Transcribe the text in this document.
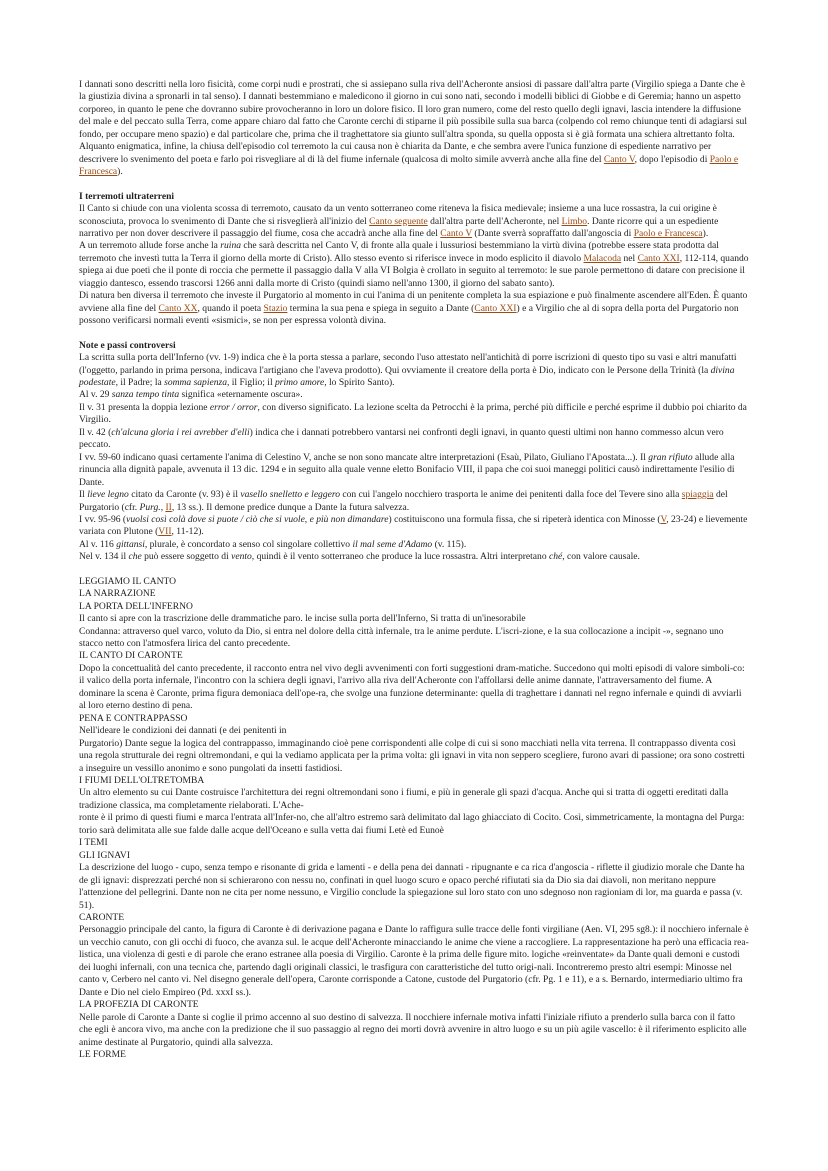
I dannati sono descritti nella loro fisicità, come corpi nudi e prostrati, che si assiepano sulla riva dell'Acheronte ansiosi di passare dall'altra parte (Virgilio spiega a Dante che è la giustizia divina a spronarli in tal senso). I dannati bestemmiano e maledicono il giorno in cui sono nati, secondo i modelli biblici di Giobbe e di Geremia; hanno un aspetto corporeo, in quanto le pene che dovranno subire provocheranno in loro un dolore fisico. Il loro gran numero, come del resto quello degli ignavi, lascia intendere la diffusione del male e del peccato sulla Terra, come appare chiaro dal fatto che Caronte cerchi di stiparne il più possibile sulla sua barca (colpendo col remo chiunque tenti di adagiarsi sul fondo, per occupare meno spazio) e dal particolare che, prima che il traghettatore sia giunto sull'altra sponda, su quella opposta si è già formata una schiera altrettanto folta. Alquanto enigmatica, infine, la chiusa dell'episodio col terremoto la cui causa non è chiarita da Dante, e che sembra avere l'unica funzione di espediente narrativo per descrivere lo svenimento del poeta e farlo poi risvegliare al di là del fiume infernale (qualcosa di molto simile avverrà anche alla fine del Canto V, dopo l'episodio di Paolo e Francesca).

I terremoti ultraterreni

Il Canto si chiude con una violenta scossa di terremoto, causato da un vento sotterraneo come riteneva la fisica medievale; insieme a una luce rossastra, la cui origine è sconosciuta, provoca lo svenimento di Dante che si risveglierà all'inizio del Canto seguente dall'altra parte dell'Acheronte, nel Limbo. Dante ricorre qui a un espediente narrativo per non dover descrivere il passaggio del fiume, cosa che accadrà anche alla fine del Canto V (Dante sverrà sopraffatto dall'angoscia di Paolo e Francesca).

A un terremoto allude forse anche la ruina che sarà descritta nel Canto V, di fronte alla quale i lussuriosi bestemmiano la virtù divina (potrebbe essere stata prodotta dal terremoto che investì tutta la Terra il giorno della morte di Cristo). Allo stesso evento si riferisce invece in modo esplicito il diavolo Malacoda nel Canto XXI, 112-114, quando spiega ai due poeti che il ponte di roccia che permette il passaggio dalla V alla VI Bolgia è crollato in seguito al terremoto: le sue parole permettono di datare con precisione il viaggio dantesco, essendo trascorsi 1266 anni dalla morte di Cristo (quindi siamo nell'anno 1300, il giorno del sabato santo).

Di natura ben diversa il terremoto che investe il Purgatorio al momento in cui l'anima di un penitente completa la sua espiazione e può finalmente ascendere all'Eden. È quanto avviene alla fine del Canto XX, quando il poeta Stazio termina la sua pena e spiega in seguito a Dante (Canto XXI) e a Virgilio che al di sopra della porta del Purgatorio non possono verificarsi normali eventi «sismici», se non per espressa volontà divina.

Note e passi controversi

La scritta sulla porta dell'Inferno (vv. 1-9) indica che è la porta stessa a parlare, secondo l'uso attestato nell'antichità di porre iscrizioni di questo tipo su vasi e altri manufatti (l'oggetto, parlando in prima persona, indicava l'artigiano che l'aveva prodotto). Qui ovviamente il creatore della porta è Dio, indicato con le Persone della Trinità (la divina podestate, il Padre; la somma sapienza, il Figlio; il primo amore, lo Spirito Santo).

Al v. 29 sanza tempo tinta significa «eternamente oscura».

Il v. 31 presenta la doppia lezione error / orror, con diverso significato. La lezione scelta da Petrocchi è la prima, perché più difficile e perché esprime il dubbio poi chiarito da Virgilio.

Il v. 42 (ch'alcuna gloria i rei avrebber d'elli) indica che i dannati potrebbero vantarsi nei confronti degli ignavi, in quanto questi ultimi non hanno commesso alcun vero peccato.

I vv. 59-60 indicano quasi certamente l'anima di Celestino V, anche se non sono mancate altre interpretazioni (Esaù, Pilato, Giuliano l'Apostata...). Il gran rifiuto allude alla rinuncia alla dignità papale, avvenuta il 13 dic. 1294 e in seguito alla quale venne eletto Bonifacio VIII, il papa che coi suoi maneggi politici causò indirettamente l'esilio di Dante.

Il lieve legno citato da Caronte (v. 93) è il vasello snelletto e leggero con cui l'angelo nocchiero trasporta le anime dei penitenti dalla foce del Tevere sino alla spiaggia del Purgatorio (cfr. Purg., II, 13 ss.). Il demone predice dunque a Dante la futura salvezza.

I vv. 95-96 (vuolsi così colà dove si puote / ciò che si vuole, e più non dimandare) costituiscono una formula fissa, che si ripeterà identica con Minosse (V, 23-24) e lievemente variata con Plutone (VII, 11-12).

Al v. 116 gittansi, plurale, è concordato a senso col singolare collettivo il mal seme d'Adamo (v. 115).

Nel v. 134 il che può essere soggetto di vento, quindi è il vento sotterraneo che produce la luce rossastra. Altri interpretano ché, con valore causale.

LEGGIAMO IL CANTO

LA NARRAZIONE

LA PORTA DELL'INFERNO

Il canto si apre con la trascrizione delle drammatiche paro. le incise sulla porta dell'Inferno, Si tratta di un'inesorabile

Condanna: attraverso quel varco, voluto da Dio, si entra nel dolore della città infernale, tra le anime perdute. L'iscri-zione, e la sua collocazione a incipit -», segnano uno stacco netto con l'atmosfera lirica del canto precedente.

IL CANTO DI CARONTE

Dopo la concettualità del canto precedente, il racconto entra nel vivo degli avvenimenti con forti suggestioni dram-matiche. Succedono qui molti episodi di valore simboli-co: il valico della porta infernale, l'incontro con la schiera degli ignavi, l'arrivo alla riva dell'Acheronte con l'affollarsi delle anime dannate, l'attraversamento del fiume. A dominare la scena è Caronte, prima figura demoniaca dell'ope-ra, che svolge una funzione determinante: quella di traghettare i dannati nel regno infernale e quindi di avviarli al loro eterno destino di pena.

PENA E CONTRAPPASSO

Nell'ideare le condizioni dei dannati (e dei penitenti in

Purgatorio) Dante segue la logica del contrappasso, immaginando cioè pene corrispondenti alle colpe di cui si sono macchiati nella vita terrena. Il contrappasso diventa così una regola strutturale dei regni oltremondani, e qui la vediamo applicata per la prima volta: gli ignavi in vita non seppero scegliere, furono avari di passione; ora sono costretti a inseguire un vessillo anonimo e sono pungolati da insetti fastidiosi.

I FIUMI DELL'OLTRETOMBA

Un altro elemento su cui Dante costruisce l'architettura dei regni oltremondani sono i fiumi, e più in generale gli spazi d'acqua. Anche qui si tratta di oggetti ereditati dalla tradizione classica, ma completamente rielaborati. L'Ache-

ronte è il primo di questi fiumi e marca l'entrata all'Infer-no, che all'altro estremo sarà delimitato dal lago ghiacciato di Cocito. Così, simmetricamente, la montagna del Purga: torio sarà delimitata alle sue falde dalle acque dell'Oceano e sulla vetta dai fiumi Letè ed Eunoè

I TEMI

GLI IGNAVI

La descrizione del luogo - cupo, senza tempo e risonante di grida e lamenti - e della pena dei dannati - ripugnante e ca rica d'angoscia - riflette il giudizio morale che Dante ha de gli ignavi: disprezzati perché non si schierarono con nessu no, confinati in quel luogo scuro e opaco perché rifiutati sia da Dio sia dai diavoli, non meritano neppure l'attenzione del pellegrini. Dante non ne cita per nome nessuno, e Virgilio conclude la spiegazione sul loro stato con uno sdegnoso non ragioniam di lor, ma guarda e passa (v. 51).

CARONTE

Personaggio principale del canto, la figura di Caronte è di derivazione pagana e Dante lo raffigura sulle tracce delle fonti virgiliane (Aen. VI, 295 sg8.): il nocchiero infernale è un vecchio canuto, con gli occhi di fuoco, che avanza sul. le acque dell'Acheronte minacciando le anime che viene a raccogliere. La rappresentazione ha però una efficacia rea-listica, una violenza di gesti e di parole che erano estranee alla poesia di Virgilio. Caronte è la prima delle figure mito. logiche «reinventate» da Dante quali demoni e custodi dei luoghi infernali, con una tecnica che, partendo dagli originali classici, le trasfigura con caratteristiche del tutto origi-nali. Incontreremo presto altri esempi: Minosse nel canto v, Cerbero nel canto vi. Nel disegno generale dell'opera, Caronte corrisponde a Catone, custode del Purgatorio (cfr. Pg. 1 e 11), e a s. Bernardo, intermediario ultimo fra Dante e Dio nel cielo Empireo (Pd. xxxI ss.).

LA PROFEZIA DI CARONTE

Nelle parole di Caronte a Dante si coglie il primo accenno al suo destino di salvezza. Il nocchiere infernale motiva infatti l'iniziale rifiuto a prenderlo sulla barca con il fatto che egli è ancora vivo, ma anche con la predizione che il suo passaggio al regno dei morti dovrà avvenire in altro luogo e su un più agile vascello: è il riferimento esplicito alle anime destinate al Purgatorio, quindi alla salvezza.

LE FORME
